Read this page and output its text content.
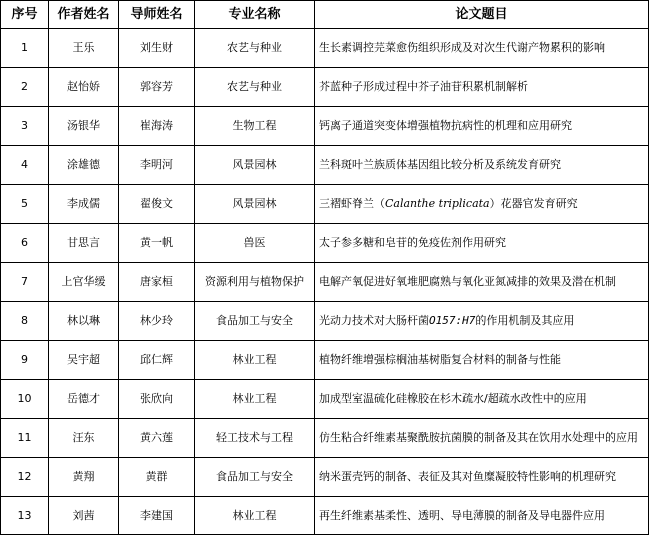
序号	作者姓名	导师姓名	专业名称	论文题目
1	王乐	刘生财	农艺与种业	生长素调控芫菜愈伤组织形成及对次生代谢产物累积的影响
2	赵怡娇	郭容芳	农艺与种业	芥蓝种子形成过程中芥子油苷积累机制解析
3	汤银华	崔海涛	生物工程	钙离子通道突变体增强植物抗病性的机理和应用研究
4	涂雄德	李明河	风景园林	兰科斑叶兰族质体基因组比较分析及系统发育研究
5	李成儒	翟俊文	风景园林	三褶虾脊兰（Calanthe triplicata）花器官发育研究
6	甘思言	黄一帆	兽医	太子参多糖和皂苷的免疫佐剂作用研究
7	上官华缓	唐家桓	资源利用与植物保护	电解产氧促进好氧堆肥腐熟与氧化亚氮减排的效果及潜在机制
8	林以琳	林少玲	食品加工与安全	光动力技术对大肠杆菌O157:H7的作用机制及其应用
9	吴宇超	邱仁辉	林业工程	植物纤维增强棕榈油基树脂复合材料的制备与性能
10	岳德才	张欣向	林业工程	加成型室温硫化硅橡胶在杉木疏水/超疏水改性中的应用
11	汪东	黄六莲	轻工技术与工程	仿生粘合纤维素基聚酰胺抗菌膜的制备及其在饮用水处理中的应用
12	黄翔	黄群	食品加工与安全	纳米蛋壳钙的制备、表征及其对鱼糜凝胶特性影响的机理研究
13	刘茜	李建国	林业工程	再生纤维素基柔性、透明、导电薄膜的制备及导电器件应用
